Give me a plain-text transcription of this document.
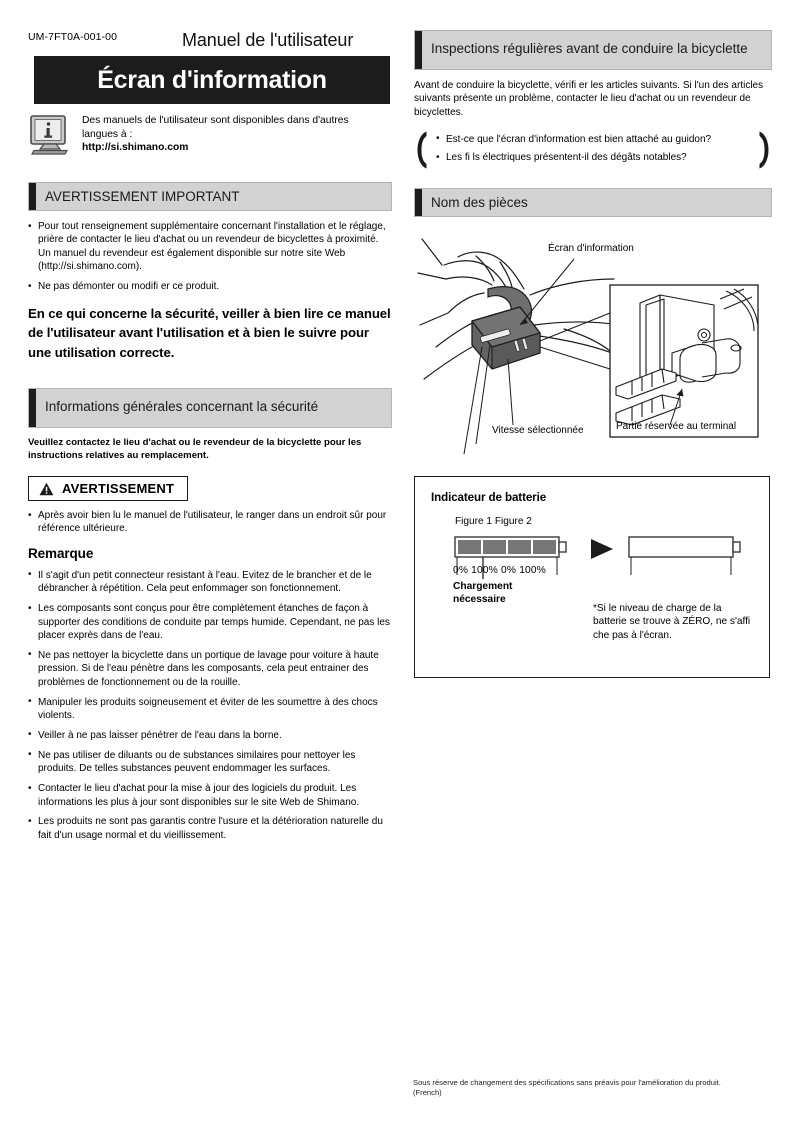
UM-7FT0A-001-00	Manuel de l'utilisateur
Écran d'information
Des manuels de l'utilisateur sont disponibles dans d'autres
langues à :
http://si.shimano.com
AVERTISSEMENT IMPORTANT
• Pour tout renseignement supplémentaire concernant l'installation et le réglage, prière de contacter le lieu d'achat ou un revendeur de bicyclettes à proximité. Un manuel du revendeur est également disponible sur notre site Web (http://si.shimano.com).
• Ne pas démonter ou modifi er ce produit.
En ce qui concerne la sécurité, veiller à bien lire ce manuel de l'utilisateur avant l'utilisation et à bien le suivre pour une utilisation correcte.
Informations générales concernant la sécurité
Veuillez contactez le lieu d'achat ou le revendeur de la bicyclette pour les instructions relatives au remplacement.
AVERTISSEMENT
• Après avoir bien lu le manuel de l'utilisateur, le ranger dans un endroit sûr pour référence ultérieure.
Remarque
• Il s'agit d'un petit connecteur resistant à l'eau. Evitez de le brancher et de le débrancher à répétition. Cela peut enfommager son fonctionnement.
• Les composants sont conçus pour être complètement étanches de façon à supporter des conditions de conduite par temps humide. Cependant, ne pas les placer exprès dans de l'eau.
• Ne pas nettoyer la bicyclette dans un portique de lavage pour voiture à haute pression. Si de l'eau pénètre dans les composants, cela peut entrainer des problèmes de fonctionnement ou de la rouille.
• Manipuler les produits soigneusement et éviter de les soumettre à des chocs violents.
• Veiller à ne pas laisser pénétrer de l'eau dans la borne.
• Ne pas utiliser de diluants ou de substances similaires pour nettoyer les produits. De telles substances peuvent endommager les surfaces.
• Contacter le lieu d'achat pour la mise à jour des logiciels du produit. Les informations les plus à jour sont disponibles sur le site Web de Shimano.
• Les produits ne sont pas garantis contre l'usure et la détérioration naturelle du fait d'un usage normal et du vieillissement.
Inspections régulières avant de conduire la bicyclette
Avant de conduire la bicyclette, vérifi er les articles suivants. Si l'un des articles suivants présente un problème, contacter le lieu d'achat ou un revendeur de bicyclettes.
• Est-ce que l'écran d'information est bien attaché au guidon?
• Les fi ls électriques présentent-il des dégâts notables?
Nom des pièces
Écran d'information
Vitesse sélectionnée	Partie réservée au terminal
Indicateur de batterie
Figure 1 Figure 2
0% 100% 0% 100%
Chargement
nécessaire
*Si le niveau de charge de la batterie se trouve à ZÉRO, ne s'affi che pas à l'écran.
Sous réserve de changement des spécifications sans préavis pour l'amélioration du produit.
(French)
